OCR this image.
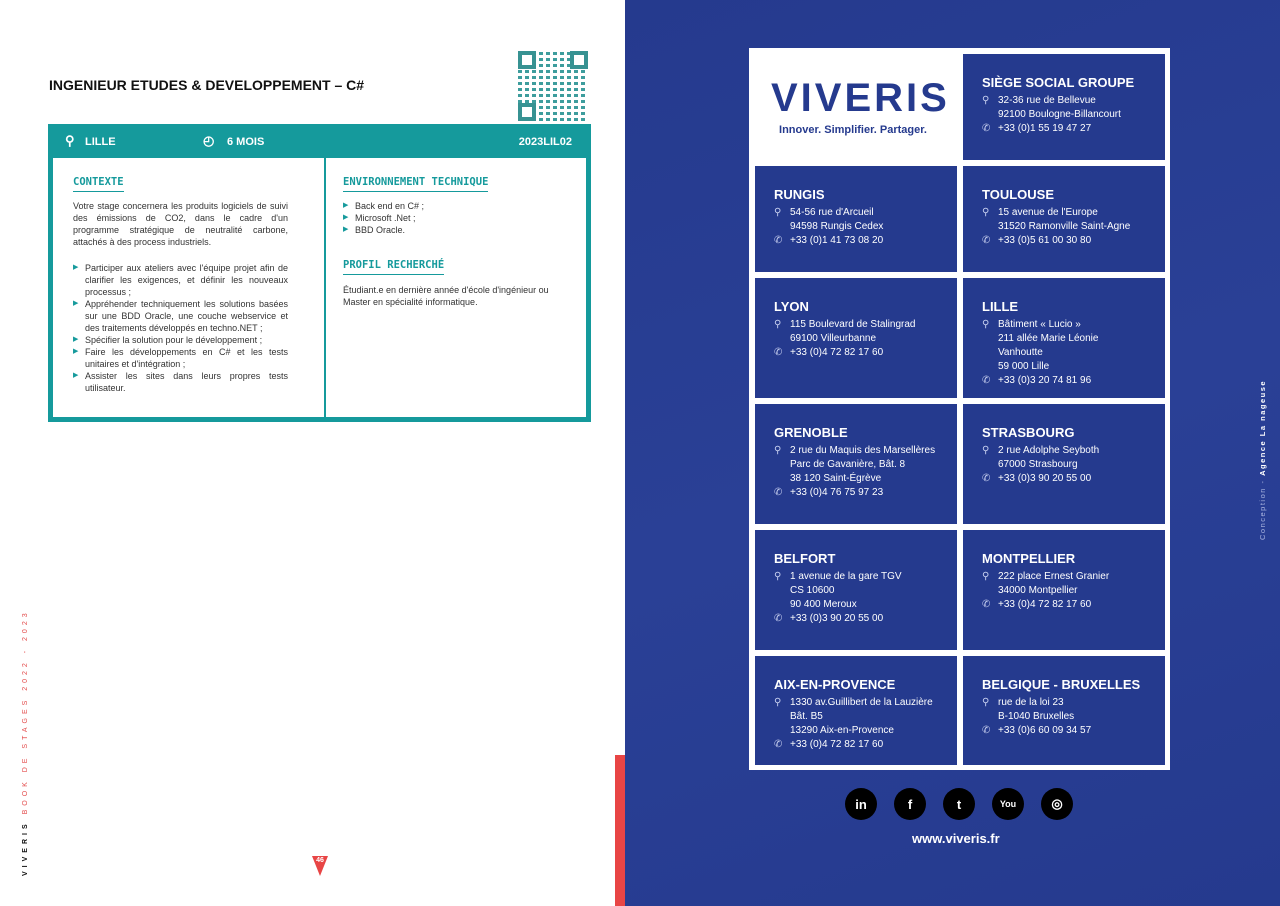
INGENIEUR ETUDES & DEVELOPPEMENT – C#
⚲ LILLE	◴ 6 MOIS	2023LIL02
CONTEXTE
Votre stage concernera les produits logiciels de suivi des émissions de CO2, dans le cadre d'un programme stratégique de neutralité carbone, attachés à des process industriels.
▶ Participer aux ateliers avec l'équipe projet afin de clarifier les exigences, et définir les nouveaux processus ;
▶ Appréhender techniquement les solutions basées sur une BDD Oracle, une couche webservice et des traitements développés en techno.NET ;
▶ Spécifier la solution pour le développement ;
▶ Faire les développements en C# et les tests unitaires et d'intégration ;
▶ Assister les sites dans leurs propres tests utilisateur.
ENVIRONNEMENT TECHNIQUE
▶ Back end en C# ;
▶ Microsoft .Net ;
▶ BBD Oracle.
PROFIL RECHERCHÉ
Étudiant.e en dernière année d'école d'ingénieur ou Master en spécialité informatique.
VIVERIS BOOK DE STAGES 2022 - 2023
46
VIVERIS
Innover. Simplifier. Partager.
SIÈGE SOCIAL GROUPE
⚲ 32-36 rue de Bellevue
92100 Boulogne-Billancourt
✆ +33 (0)1 55 19 47 27
RUNGIS
⚲ 54-56 rue d'Arcueil
94598 Rungis Cedex
✆ +33 (0)1 41 73 08 20
TOULOUSE
⚲ 15 avenue de l'Europe
31520 Ramonville Saint-Agne
✆ +33 (0)5 61 00 30 80
LYON
⚲ 115 Boulevard de Stalingrad
69100 Villeurbanne
✆ +33 (0)4 72 82 17 60
LILLE
⚲ Bâtiment « Lucio »
211 allée Marie Léonie
Vanhoutte
59 000 Lille
✆ +33 (0)3 20 74 81 96
GRENOBLE
⚲ 2 rue du Maquis des Marsellères
Parc de Gavanière, Bât. 8
38 120 Saint-Égrève
✆ +33 (0)4 76 75 97 23
STRASBOURG
⚲ 2 rue Adolphe Seyboth
67000 Strasbourg
✆ +33 (0)3 90 20 55 00
BELFORT
⚲ 1 avenue de la gare TGV
CS 10600
90 400 Meroux
✆ +33 (0)3 90 20 55 00
MONTPELLIER
⚲ 222 place Ernest Granier
34000 Montpellier
✆ +33 (0)4 72 82 17 60
AIX-EN-PROVENCE
⚲ 1330 av.Guillibert de la Lauzière
Bât. B5
13290 Aix-en-Provence
✆ +33 (0)4 72 82 17 60
BELGIQUE - BRUXELLES
⚲ rue de la loi 23
B-1040 Bruxelles
✆ +33 (0)6 60 09 34 57
in	f	t	You	◎
www.viveris.fr
Conception - Agence La nageuse
